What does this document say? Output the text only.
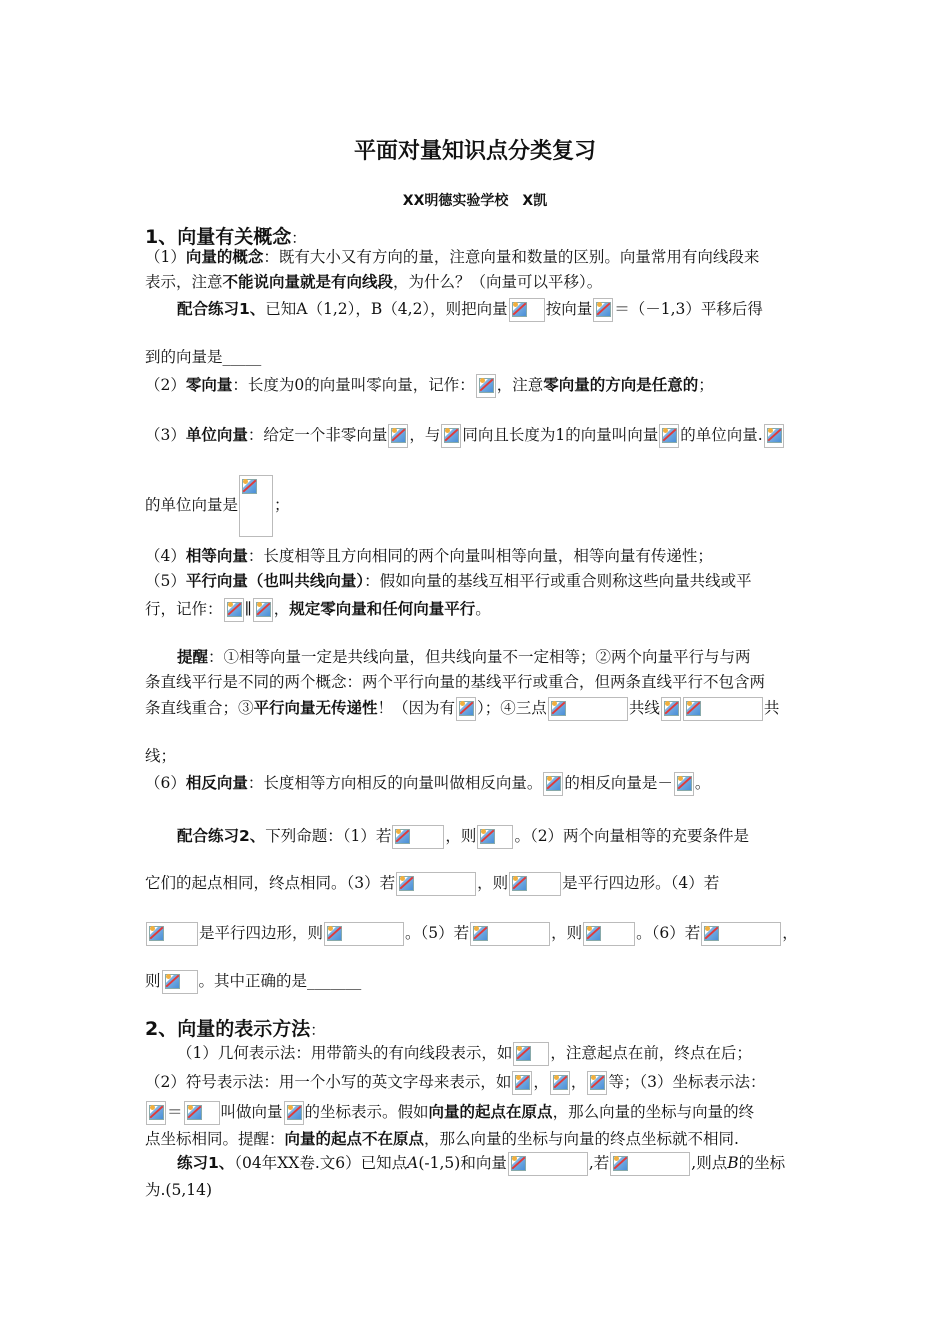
平面对量知识点分类复习
XX明德实验学校　X凯
1、向量有关概念：
（1）向量的概念：既有大小又有方向的量，注意向量和数量的区别。向量常用有向线段来
表示，注意不能说向量就是有向线段，为什么？（向量可以平移）。
配合练习1、已知A（1,2），B（4,2），则把向量 按向量 ＝（－1,3）平移后得
到的向量是_____
（2）零向量：长度为0的向量叫零向量，记作： ，注意零向量的方向是任意的；
（3）单位向量：给定一个非零向量 ，与 同向且长度为1的向量叫向量 的单位向量.
的单位向量是 ；
（4）相等向量：长度相等且方向相同的两个向量叫相等向量，相等向量有传递性；
（5）平行向量（也叫共线向量）：假如向量的基线互相平行或重合则称这些向量共线或平
行，记作： ∥ ，规定零向量和任何向量平行。
提醒：①相等向量一定是共线向量，但共线向量不一定相等；②两个向量平行与与两
条直线平行是不同的两个概念：两个平行向量的基线平行或重合，但两条直线平行不包含两
条直线重合；③平行向量无传递性！（因为有 ）；④三点	共线	共
线；
（6）相反向量：长度相等方向相反的向量叫做相反向量。 的相反向量是－ 。
配合练习2、下列命题：（1）若	，则 。（2）两个向量相等的充要条件是
它们的起点相同，终点相同。（3）若	，则	是平行四边形。（4）若
是平行四边形，则	。（5）若	，则	。（6）若	，
则 。其中正确的是_______
2、向量的表示方法：
（1）几何表示法：用带箭头的有向线段表示，如 ，注意起点在前，终点在后；
（2）符号表示法：用一个小写的英文字母来表示，如 ， ， 等；（3）坐标表示法：
＝ 叫做向量 的坐标表示。假如向量的起点在原点，那么向量的坐标与向量的终
点坐标相同。提醒：向量的起点不在原点，那么向量的坐标与向量的终点坐标就不相同.
练习1、（04年XX卷.文6）已知点A(-1,5)和向量	,若	,则点B的坐标
为.(5,14)
